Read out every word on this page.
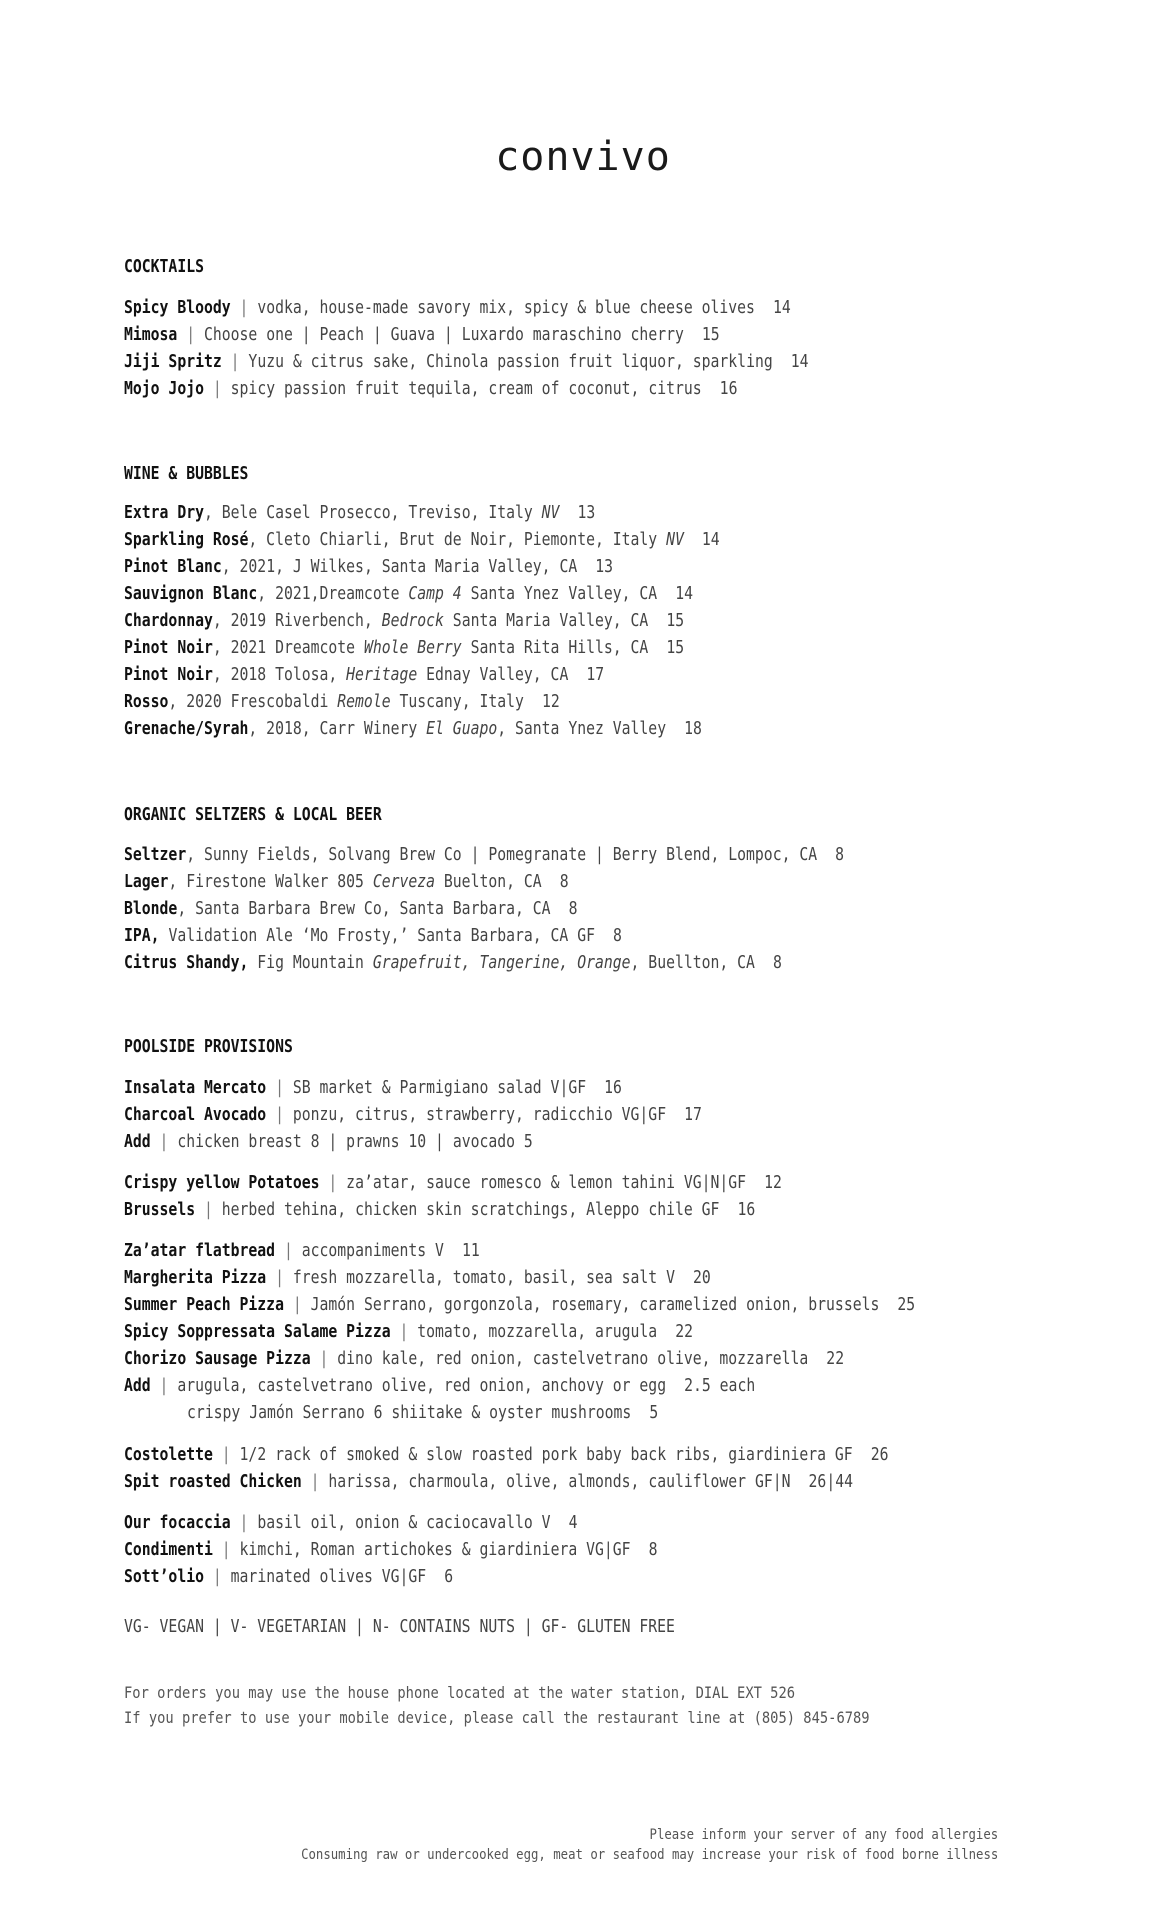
convivo
COCKTAILS
Spicy Bloody | vodka, house-made savory mix, spicy & blue cheese olives 14
Mimosa | Choose one | Peach | Guava | Luxardo maraschino cherry 15
Jiji Spritz | Yuzu & citrus sake, Chinola passion fruit liquor, sparkling 14
Mojo Jojo | spicy passion fruit tequila, cream of coconut, citrus 16
WINE & BUBBLES
Extra Dry, Bele Casel Prosecco, Treviso, Italy NV 13
Sparkling Rosé, Cleto Chiarli, Brut de Noir, Piemonte, Italy NV 14
Pinot Blanc, 2021, J Wilkes, Santa Maria Valley, CA 13
Sauvignon Blanc, 2021,Dreamcote Camp 4 Santa Ynez Valley, CA 14
Chardonnay, 2019 Riverbench, Bedrock Santa Maria Valley, CA 15
Pinot Noir, 2021 Dreamcote Whole Berry Santa Rita Hills, CA 15
Pinot Noir, 2018 Tolosa, Heritage Ednay Valley, CA 17
Rosso, 2020 Frescobaldi Remole Tuscany, Italy 12
Grenache/Syrah, 2018, Carr Winery El Guapo, Santa Ynez Valley 18
ORGANIC SELTZERS & LOCAL BEER
Seltzer, Sunny Fields, Solvang Brew Co | Pomegranate | Berry Blend, Lompoc, CA 8
Lager, Firestone Walker 805 Cerveza Buelton, CA 8
Blonde, Santa Barbara Brew Co, Santa Barbara, CA 8
IPA, Validation Ale ‘Mo Frosty,’ Santa Barbara, CA GF 8
Citrus Shandy, Fig Mountain Grapefruit, Tangerine, Orange, Buellton, CA 8
POOLSIDE PROVISIONS
Insalata Mercato | SB market & Parmigiano salad V|GF 16
Charcoal Avocado | ponzu, citrus, strawberry, radicchio VG|GF 17
Add | chicken breast 8 | prawns 10 | avocado 5
Crispy yellow Potatoes | za’atar, sauce romesco & lemon tahini VG|N|GF 12
Brussels | herbed tehina, chicken skin scratchings, Aleppo chile GF 16
Za’atar flatbread | accompaniments V 11
Margherita Pizza | fresh mozzarella, tomato, basil, sea salt V 20
Summer Peach Pizza | Jamón Serrano, gorgonzola, rosemary, caramelized onion, brussels 25
Spicy Soppressata Salame Pizza | tomato, mozzarella, arugula 22
Chorizo Sausage Pizza | dino kale, red onion, castelvetrano olive, mozzarella 22
Add | arugula, castelvetrano olive, red onion, anchovy or egg 2.5 each
crispy Jamón Serrano 6 shiitake & oyster mushrooms 5
Costolette | 1/2 rack of smoked & slow roasted pork baby back ribs, giardiniera GF 26
Spit roasted Chicken | harissa, charmoula, olive, almonds, cauliflower GF|N 26|44
Our focaccia | basil oil, onion & caciocavallo V 4
Condimenti | kimchi, Roman artichokes & giardiniera VG|GF 8
Sott’olio | marinated olives VG|GF 6
VG- VEGAN | V- VEGETARIAN | N- CONTAINS NUTS | GF- GLUTEN FREE
For orders you may use the house phone located at the water station, DIAL EXT 526
If you prefer to use your mobile device, please call the restaurant line at (805) 845-6789
Please inform your server of any food allergies
Consuming raw or undercooked egg, meat or seafood may increase your risk of food borne illness
